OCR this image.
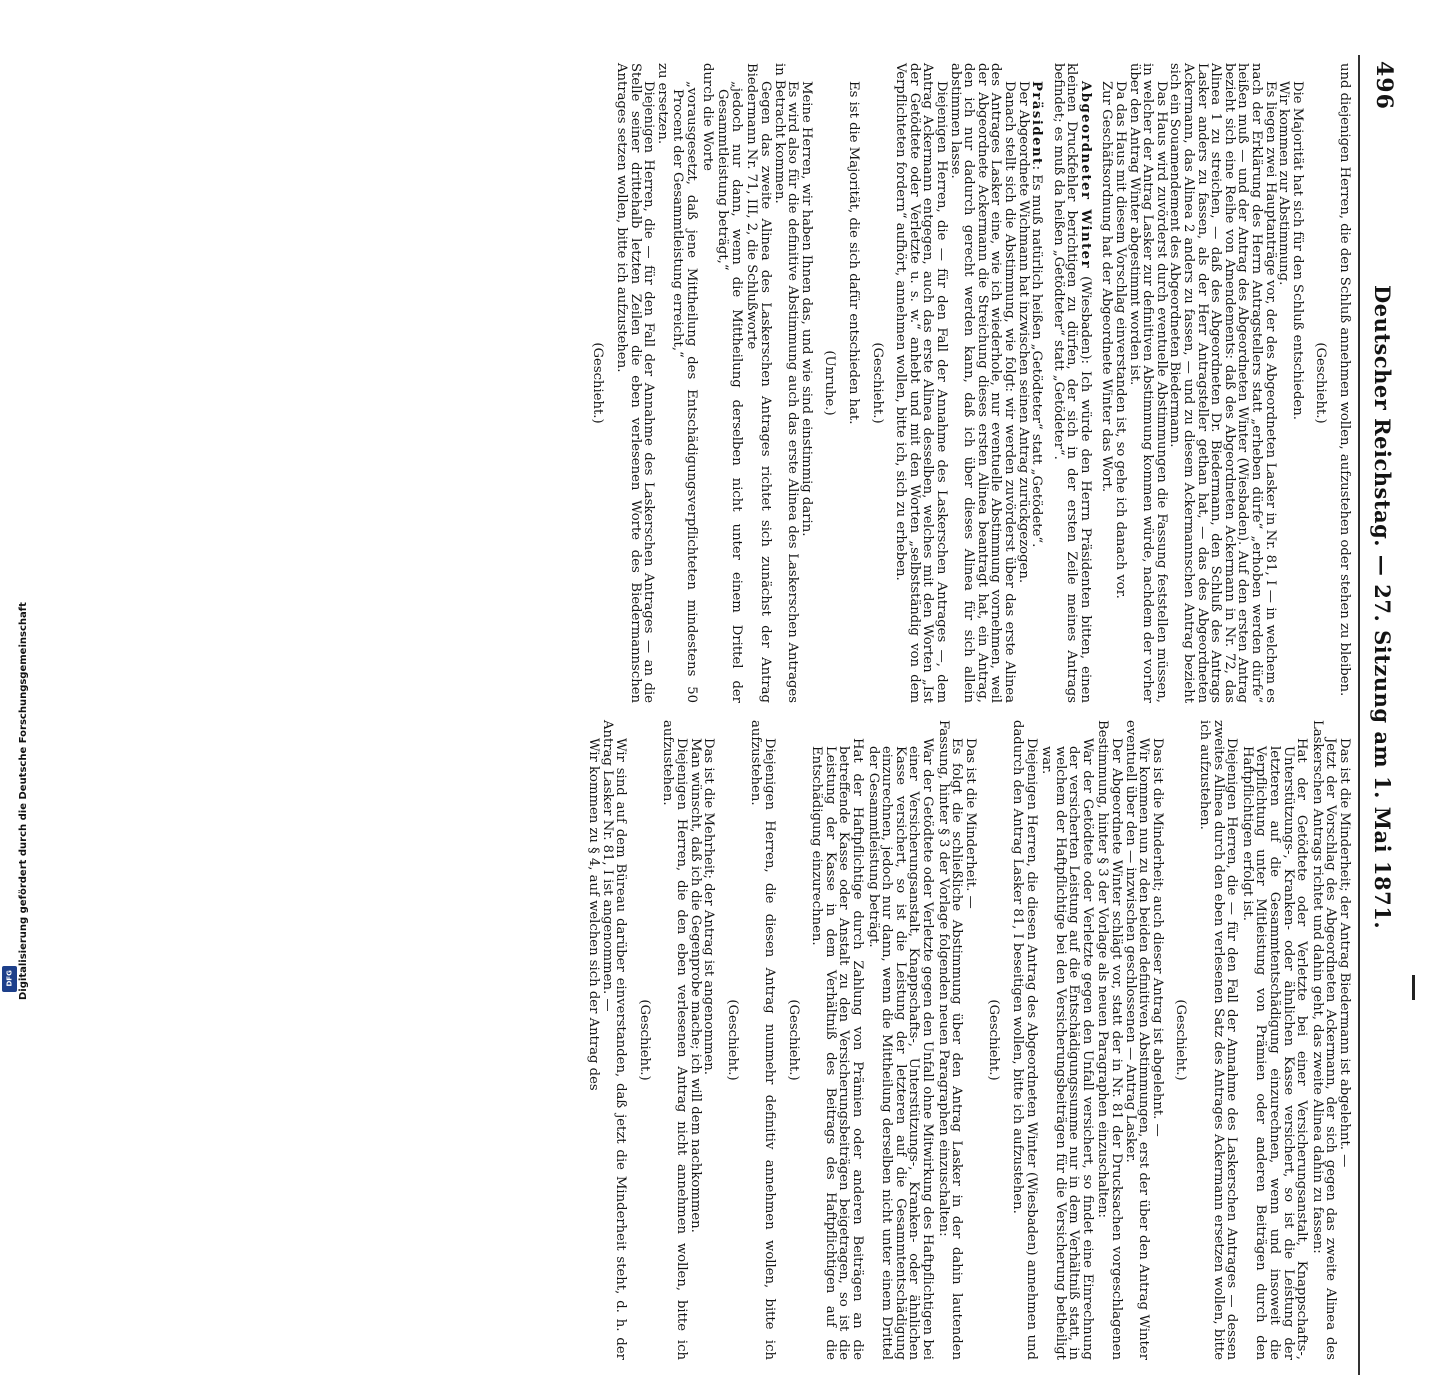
496
Deutscher Reichstag. — 27. Sitzung am 1. Mai 1871.

und diejenigen Herren, die den Schluß annehmen wollen, aufzustehen oder stehen zu bleiben.

(Geschieht.)

Die Majorität hat sich für den Schluß entschieden.

Wir kommen zur Abstimmung.

Es liegen zwei Hauptanträge vor, der des Abgeordneten Lasker in Nr. 81, I — in welchem es nach der Erklärung des Herrn Antragstellers statt „erheben dürfe“ „erhoben werden dürfe“ heißen muß — und der Antrag des Abgeordneten Winter (Wiesbaden). Auf den ersten Antrag bezieht sich eine Reihe von Amendements: daß des Abgeordneten Ackermann in Nr. 72, das Alinea 1 zu streichen, — daß des Abgeordneten Dr. Biedermann, den Schluß des Antrags Lasker anders zu fassen, als der Herr Antragsteller gethan hat, — das des Abgeordneten Ackermann, das Alinea 2 anders zu fassen, — und zu diesem Ackermannschen Antrag bezieht sich ein Souamendement des Abgeordneten Biedermann.

Das Haus wird zuvörderst durch eventuelle Abstimmungen die Fassung feststellen müssen, in welcher der Antrag Lasker zur definitiven Abstimmung kommen würde, nachdem der vorher über den Antrag Winter abgestimmt worden ist.

Da das Haus mit diesem Vorschlag einverstanden ist, so gehe ich danach vor.

Zur Geschäftsordnung hat der Abgeordnete Winter das Wort.

Abgeordneter Winter (Wiesbaden): Ich würde den Herrn Präsidenten bitten, einen kleinen Druckfehler berichtigen zu dürfen, der sich in der ersten Zeile meines Antrags befindet; es muß da heißen „Getödteter“ statt „Getödeter“.

Präsident: Es muß natürlich heißen „Getödteter“ statt „Getödete“.

Der Abgeordnete Wichmann hat inzwischen seinen Antrag zurückgezogen.

Danach stellt sich die Abstimmung, wie folgt: wir werden zuvörderst über das erste Alinea des Antrages Lasker eine, wie ich wiederhole, nur eventuelle Abstimmung vornehmen, weil der Abgeordnete Ackermann die Streichung dieses ersten Alinea beantragt hat, ein Antrag, den ich nur dadurch gerecht werden kann, daß ich über dieses Alinea für sich allein abstimmen lasse.

Diejenigen Herren, die — für den Fall der Annahme des Laskerschen Antrages —, dem Antrag Ackermann entgegen, auch das erste Alinea desselben, welches mit den Worten „Ist der Getödtete oder Verletzte u. s. w.“ anhebt und mit den Worten „selbstständig von dem Verpflichteten fordern“ aufhört, annehmen wollen, bitte ich, sich zu erheben.

(Geschieht.)

Es ist die Majorität, die sich dafür entschieden hat.

(Unruhe.)

Meine Herren, wir haben Ihnen das, und wie sind einstimmig darin.

Es wird also für die definitive Abstimmung auch das erste Alinea des Laskerschen Antrages in Betracht kommen.

Gegen das zweite Alinea des Laskerschen Antrages richtet sich zunächst der Antrag Biedermann Nr. 71, III, 2, die Schlußworte

„jedoch nur dann, wenn die Mittheilung derselben nicht unter einem Drittel der Gesammtleistung beträgt,“

durch die Worte

„vorausgesetzt, daß jene Mittheilung des Entschädigungsverpflichteten mindestens 50 Procent der Gesammtleistung erreicht,“

zu ersetzen.

Diejenigen Herren, die — für den Fall der Annahme des Laskerschen Antrages — an die Stelle seiner drittehalb letzten Zeilen die eben verlesenen Worte des Biedermannschen Antrages setzen wollen, bitte ich aufzustehen.

(Geschieht.)

Das ist die Minderheit; der Antrag Biedermann ist abgelehnt. —

Jetzt der Vorschlag des Abgeordneten Ackermann, der sich gegen das zweite Alinea des Laskerschen Antrags richtet und dahin geht, das zweite Alinea dahin zu fassen:

Hat der Getödtete oder Verletzte bei einer Versicherungsanstalt, Knappschafts-, Unterstützungs-, Kranken- oder ähnlichen Kasse versichert, so ist die Leistung der letzteren auf die Gesammtentschädigung einzurechnen, wenn und insoweit die Verpflichtung unter Mitleistung von Prämien oder anderen Beiträgen durch den Haftpflichtigen erfolgt ist.

Diejenigen Herren, die — für den Fall der Annahme des Laskerschen Antrages — dessen zweites Alinea durch den eben verlesenen Satz des Antrages Ackermann ersetzen wollen, bitte ich aufzustehen.

(Geschieht.)

Das ist die Minderheit; auch dieser Antrag ist abgelehnt. —

Wir kommen nun zu den beiden definitiven Abstimmungen, erst der über den Antrag Winter eventuell über den — inzwischen geschlossenen — Antrag Lasker.

Der Abgeordnete Winter schlägt vor, statt der in Nr. 81 der Drucksachen vorgeschlagenen Bestimmung, hinter § 3 der Vorlage als neuen Paragraphen einzuschalten:

War der Getödtete oder Verletzte gegen den Unfall versichert, so findet eine Einrechnung der versicherten Leistung auf die Entschädigungssumme nur in dem Verhältniß statt, in welchem der Haftpflichtige bei den Versicherungsbeiträgen für die Versicherung betheiligt war.

Diejenigen Herren, die diesen Antrag des Abgeordneten Winter (Wiesbaden) annehmen und dadurch den Antrag Lasker 81, I beseitigen wollen, bitte ich aufzustehen.

(Geschieht.)

Das ist die Minderheit. —

Es folgt die schließliche Abstimmung über den Antrag Lasker in der dahin lautenden Fassung, hinter § 3 der Vorlage folgenden neuen Paragraphen einzuschalten:

War der Getödtete oder Verletzte gegen den Unfall ohne Mitwirkung des Haftpflichtigen bei einer Versicherungsanstalt, Knappschafts-, Unterstützungs-, Kranken- oder ähnlichen Kasse versichert, so ist die Leistung der letzteren auf die Gesammtentschädigung einzurechnen, jedoch nur dann, wenn die Mittheilung derselben nicht unter einem Drittel der Gesammtleistung beträgt.

Hat der Haftpflichtige durch Zahlung von Prämien oder anderen Beiträgen an die betreffende Kasse oder Anstalt zu den Versicherungsbeiträgen beigetragen, so ist die Leistung der Kasse in dem Verhältniß des Beitrags des Haftpflichtigen auf die Entschädigung einzurechnen.

(Geschieht.)

Diejenigen Herren, die diesen Antrag nunmehr definitiv annehmen wollen, bitte ich aufzustehen.

(Geschieht.)

Das ist die Mehrheit; der Antrag ist angenommen.

Man wünscht, daß ich die Gegenprobe mache; ich will dem nachkommen.

Diejenigen Herren, die den eben verlesenen Antrag nicht annehmen wollen, bitte ich aufzustehen.

(Geschieht.)

Wir sind auf dem Büreau darüber einverstanden, daß jetzt die Minderheit steht, d. h. der Antrag Lasker Nr. 81, I ist angenommen. —

Wir kommen zu § 4, auf welchen sich der Antrag des

Digitalisierung gefördert durch die Deutsche Forschungsgemeinschaft
DFG
